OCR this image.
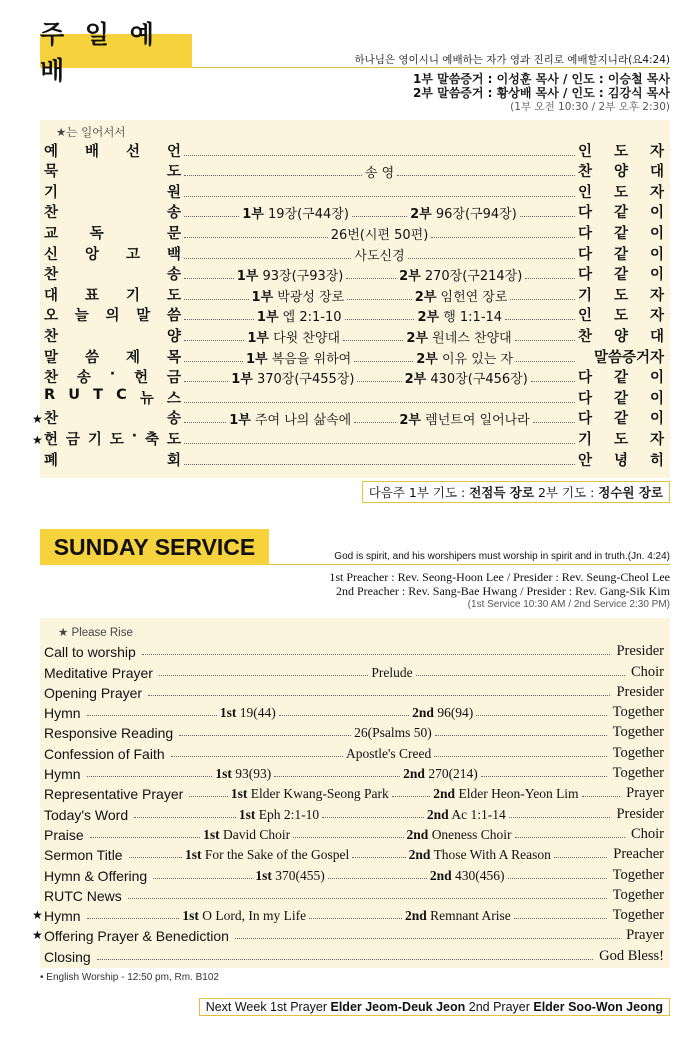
주 일 예 배	하나님은 영이시니 예배하는 자가 영과 진리로 예배할지니라(요4:24)
1부 말씀증거 : 이성훈 목사 / 인도 : 이승철 목사
2부 말씀증거 : 황상배 목사 / 인도 : 김강식 목사
(1부 오전 10:30 / 2부 오후 2:30)
★는 일어서서
예 배 선 언	인 도 자
묵	도	송 영	찬 양 대
기	원	인 도 자
찬	송	1부 19장(구44장)	2부 96장(구94장)	다 같 이
교 독	문	26번(시편 50편)	다 같 이
신 앙 고 백	사도신경	다 같 이
찬	송	1부 93장(구93장)	2부 270장(구214장)	다 같 이
대 표 기 도	1부 박광성 장로	2부 임헌연 장로	기 도 자
오 늘 의 말 씀	1부 엡 2:1-10	2부 행 1:1-14	인 도 자
찬	양	1부 다윗 찬양대	2부 원네스 찬양대	찬 양 대
말 씀 제 목	1부 복음을 위하여	2부 이유 있는 자	말씀증거자
찬 송 · 헌 금	1부 370장(구455장)	2부 430장(구456장)	다 같 이
R U T C 뉴 스	다 같 이
★ 찬	송	1부 주여 나의 삶속에	2부 렘넌트여 일어나라	다 같 이
★ 헌 금 기 도 · 축 도	기 도 자
폐	회	안 녕 히
다음주 1부 기도 : 전점득 장로 2부 기도 : 정수원 장로
SUNDAY SERVICE	God is spirit, and his worshipers must worship in spirit and in truth.(Jn. 4:24)
1st Preacher : Rev. Seong-Hoon Lee / Presider : Rev. Seung-Cheol Lee
2nd Preacher : Rev. Sang-Bae Hwang / Presider : Rev. Gang-Sik Kim
(1st Service 10:30 AM / 2nd Service 2:30 PM)
★ Please Rise
Call to worship	Presider
Meditative Prayer	Prelude	Choir
Opening Prayer	Presider
Hymn	1st 19(44)	2nd 96(94)	Together
Responsive Reading	26(Psalms 50)	Together
Confession of Faith	Apostle's Creed	Together
Hymn	1st 93(93)	2nd 270(214)	Together
Representative Prayer	1st Elder Kwang-Seong Park	2nd Elder Heon-Yeon Lim	Prayer
Today's Word	1st Eph 2:1-10	2nd Ac 1:1-14	Presider
Praise	1st David Choir	2nd Oneness Choir	Choir
Sermon Title	1st For the Sake of the Gospel	2nd Those With A Reason	Preacher
Hymn & Offering	1st 370(455)	2nd 430(456)	Together
RUTC News	Together
★ Hymn	1st O Lord, In my Life	2nd Remnant Arise	Together
★ Offering Prayer & Benediction	Prayer
Closing	God Bless!
• English Worship - 12:50 pm, Rm. B102
Next Week 1st Prayer Elder Jeom-Deuk Jeon 2nd Prayer Elder Soo-Won Jeong
